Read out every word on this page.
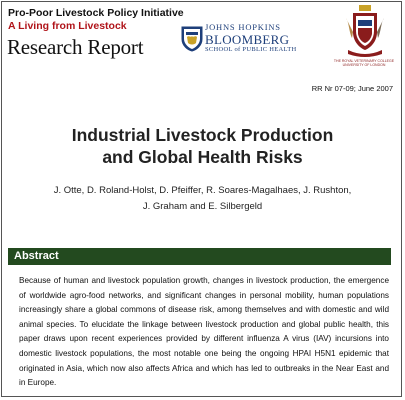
Pro-Poor Livestock Policy Initiative
A Living from Livestock
Research Report
JOHNS HOPKINS
BLOOMBERG
SCHOOL of PUBLIC HEALTH
THE ROYAL VETERINARY COLLEGE
UNIVERSITY OF LONDON
RR Nr 07-09; June 2007
Industrial Livestock Production
and Global Health Risks
J. Otte, D. Roland-Holst, D. Pfeiffer, R. Soares-Magalhaes, J. Rushton,
J. Graham and E. Silbergeld
Abstract

Because of human and livestock population growth, changes in livestock production, the emergence of worldwide agro-food networks, and significant changes in personal mobility, human populations increasingly share a global commons of disease risk, among themselves and with domestic and wild animal species. To elucidate the linkage between livestock production and global public health, this paper draws upon recent experiences provided by different influenza A virus (IAV) incursions into domestic livestock populations, the most notable one being the ongoing HPAI H5N1 epidemic that originated in Asia, which now also affects Africa and which has led to outbreaks in the Near East and in Europe.
